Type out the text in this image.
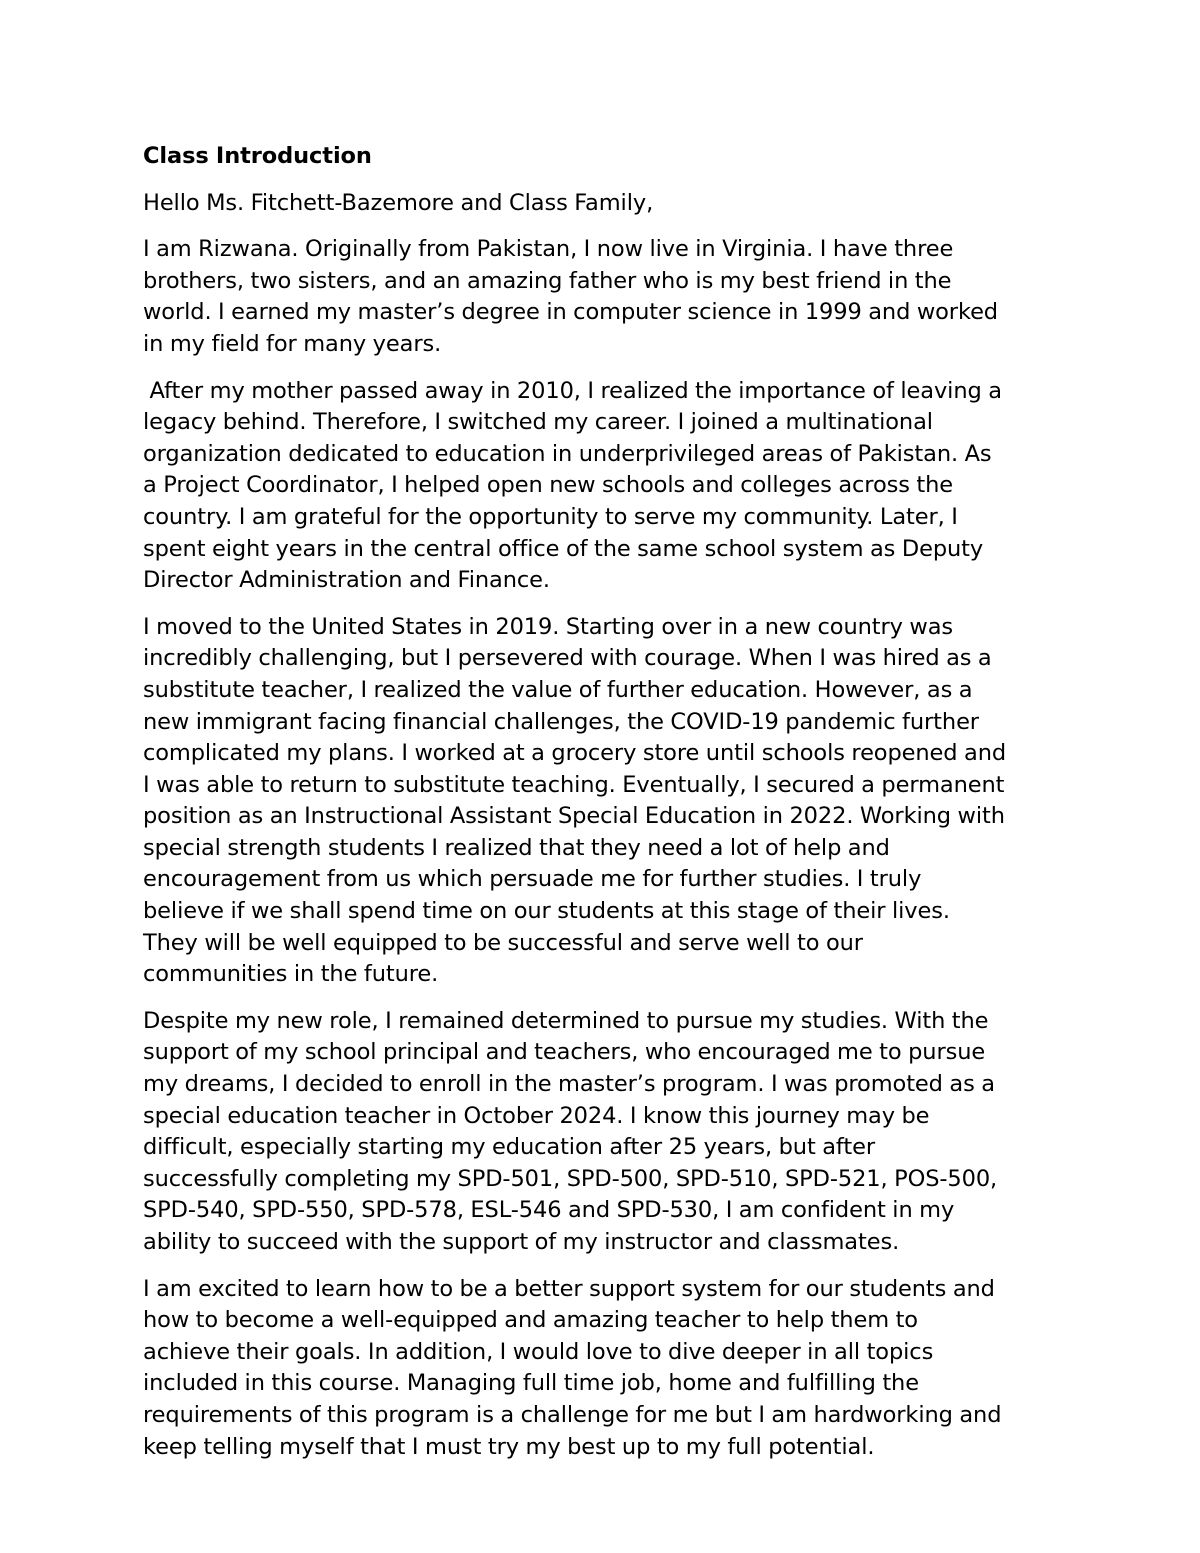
Class Introduction
Hello Ms. Fitchett-Bazemore and Class Family,
I am Rizwana. Originally from Pakistan, I now live in Virginia. I have three
brothers, two sisters, and an amazing father who is my best friend in the
world. I earned my master’s degree in computer science in 1999 and worked
in my field for many years.
After my mother passed away in 2010, I realized the importance of leaving a
legacy behind. Therefore, I switched my career. I joined a multinational
organization dedicated to education in underprivileged areas of Pakistan. As
a Project Coordinator, I helped open new schools and colleges across the
country. I am grateful for the opportunity to serve my community. Later, I
spent eight years in the central office of the same school system as Deputy
Director Administration and Finance.
I moved to the United States in 2019. Starting over in a new country was
incredibly challenging, but I persevered with courage. When I was hired as a
substitute teacher, I realized the value of further education. However, as a
new immigrant facing financial challenges, the COVID-19 pandemic further
complicated my plans. I worked at a grocery store until schools reopened and
I was able to return to substitute teaching. Eventually, I secured a permanent
position as an Instructional Assistant Special Education in 2022. Working with
special strength students I realized that they need a lot of help and
encouragement from us which persuade me for further studies. I truly
believe if we shall spend time on our students at this stage of their lives.
They will be well equipped to be successful and serve well to our
communities in the future.
Despite my new role, I remained determined to pursue my studies. With the
support of my school principal and teachers, who encouraged me to pursue
my dreams, I decided to enroll in the master’s program. I was promoted as a
special education teacher in October 2024. I know this journey may be
difficult, especially starting my education after 25 years, but after
successfully completing my SPD-501, SPD-500, SPD-510, SPD-521, POS-500,
SPD-540, SPD-550, SPD-578, ESL-546 and SPD-530, I am confident in my
ability to succeed with the support of my instructor and classmates.
I am excited to learn how to be a better support system for our students and
how to become a well-equipped and amazing teacher to help them to
achieve their goals. In addition, I would love to dive deeper in all topics
included in this course. Managing full time job, home and fulfilling the
requirements of this program is a challenge for me but I am hardworking and
keep telling myself that I must try my best up to my full potential.
